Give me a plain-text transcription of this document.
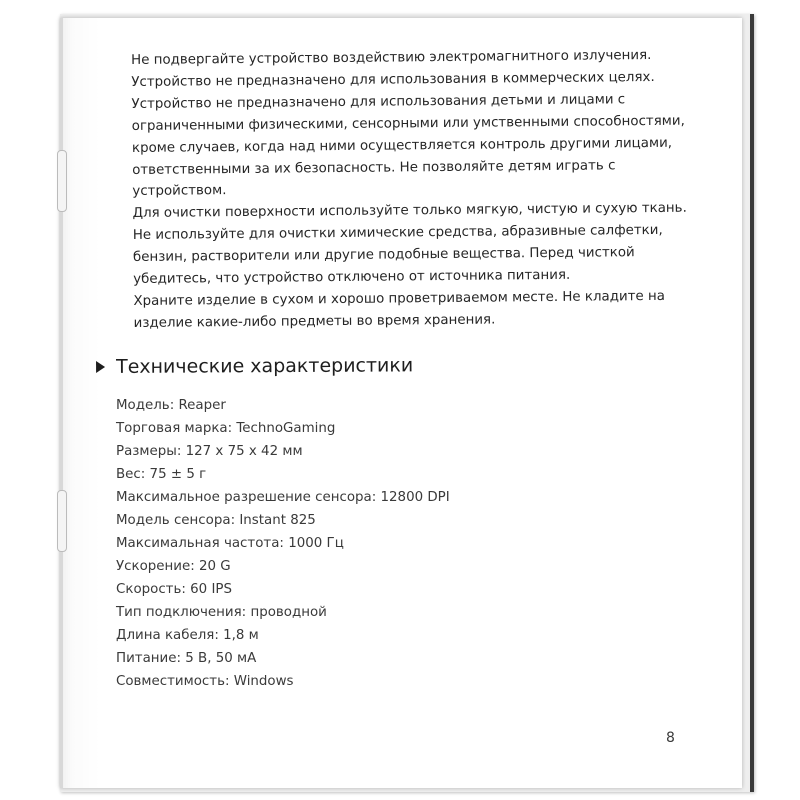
Не подвергайте устройство воздействию электромагнитного излучения.

Устройство не предназначено для использования в коммерческих целях.

Устройство не предназначено для использования детьми и лицами с ограниченными физическими, сенсорными или умственными способностями, кроме случаев, когда над ними осуществляется контроль другими лицами, ответственными за их безопасность. Не позволяйте детям играть с устройством.

Для очистки поверхности используйте только мягкую, чистую и сухую ткань. Не используйте для очистки химические средства, абразивные салфетки, бензин, растворители или другие подобные вещества. Перед чисткой убедитесь, что устройство отключено от источника питания.

Храните изделие в сухом и хорошо проветриваемом месте. Не кладите на изделие какие-либо предметы во время хранения.

Технические характеристики
Модель: Reaper
Торговая марка: TechnoGaming
Размеры: 127 x 75 x 42 мм
Вес: 75 ± 5 г
Максимальное разрешение сенсора: 12800 DPI
Модель сенсора: Instant 825
Максимальная частота: 1000 Гц
Ускорение: 20 G
Скорость: 60 IPS
Тип подключения: проводной
Длина кабеля: 1,8 м
Питание: 5 В, 50 мА
Совместимость: Windows
8
